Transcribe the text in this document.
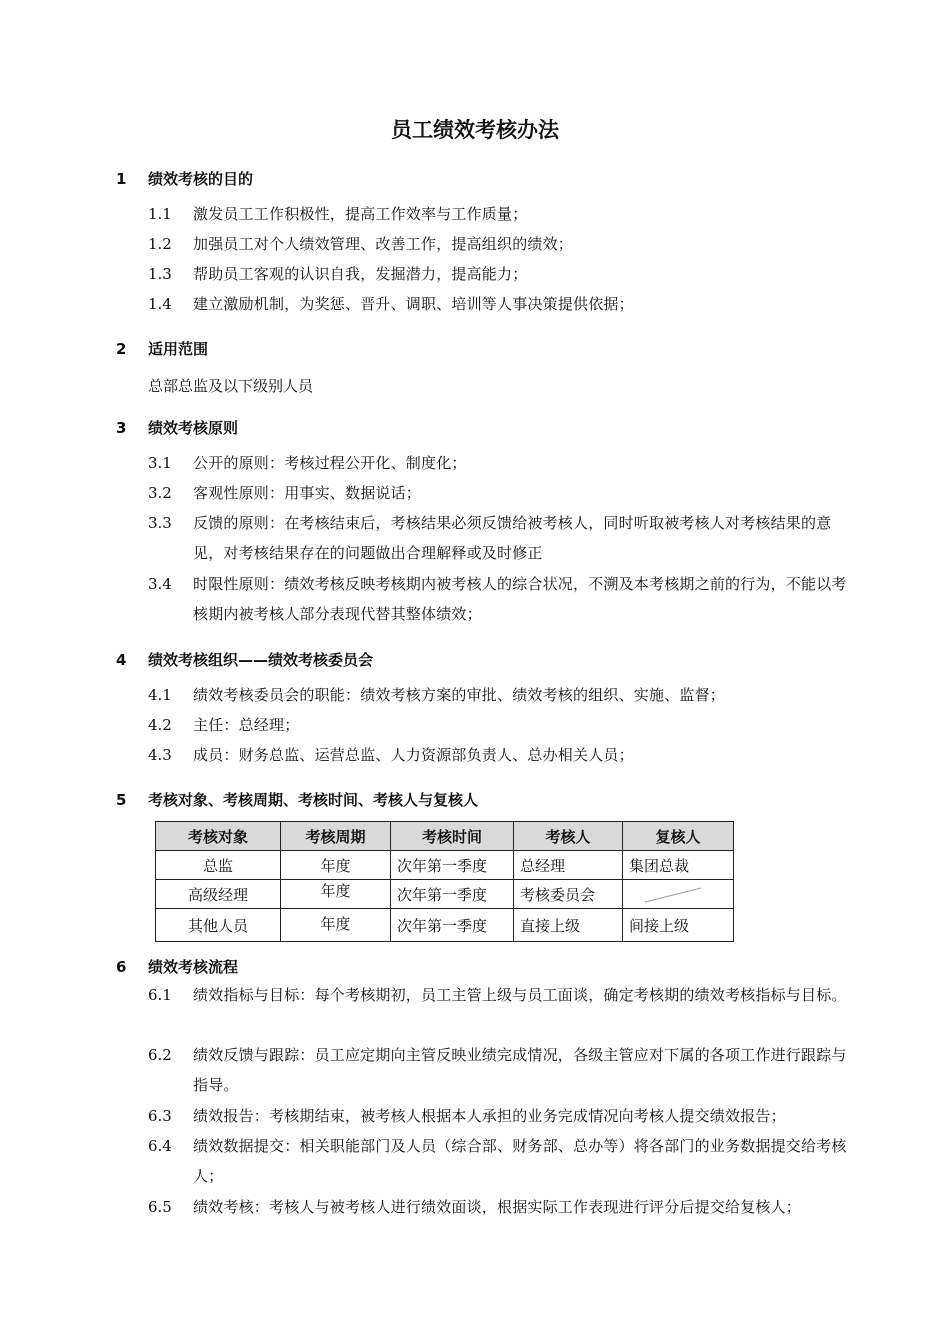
员工绩效考核办法
1 绩效考核的目的
1.1	激发员工工作积极性，提高工作效率与工作质量；
1.2	加强员工对个人绩效管理、改善工作，提高组织的绩效；
1.3	帮助员工客观的认识自我，发掘潜力，提高能力；
1.4	建立激励机制，为奖惩、晋升、调职、培训等人事决策提供依据；
2 适用范围
总部总监及以下级别人员
3 绩效考核原则
3.1	公开的原则：考核过程公开化、制度化；
3.2	客观性原则：用事实、数据说话；
3.3	反馈的原则：在考核结束后，考核结果必须反馈给被考核人，同时听取被考核人对考核结果的意见，对考核结果存在的问题做出合理解释或及时修正
3.4	时限性原则：绩效考核反映考核期内被考核人的综合状况，不溯及本考核期之前的行为，不能以考核期内被考核人部分表现代替其整体绩效；
4 绩效考核组织——绩效考核委员会
4.1	绩效考核委员会的职能：绩效考核方案的审批、绩效考核的组织、实施、监督；
4.2	主任：总经理；
4.3	成员：财务总监、运营总监、人力资源部负责人、总办相关人员；
5 考核对象、考核周期、考核时间、考核人与复核人
考核对象	考核周期	考核时间	考核人	复核人
总监	年度	次年第一季度	总经理	集团总裁
高级经理	年度	次年第一季度	考核委员会	

其他人员	年度	次年第一季度	直接上级	间接上级
6 绩效考核流程
6.1	绩效指标与目标：每个考核期初，员工主管上级与员工面谈，确定考核期的绩效考核指标与目标。
6.2	绩效反馈与跟踪：员工应定期向主管反映业绩完成情况，各级主管应对下属的各项工作进行跟踪与指导。
6.3	绩效报告：考核期结束，被考核人根据本人承担的业务完成情况向考核人提交绩效报告；
6.4	绩效数据提交：相关职能部门及人员（综合部、财务部、总办等）将各部门的业务数据提交给考核人；
6.5	绩效考核：考核人与被考核人进行绩效面谈，根据实际工作表现进行评分后提交给复核人；
